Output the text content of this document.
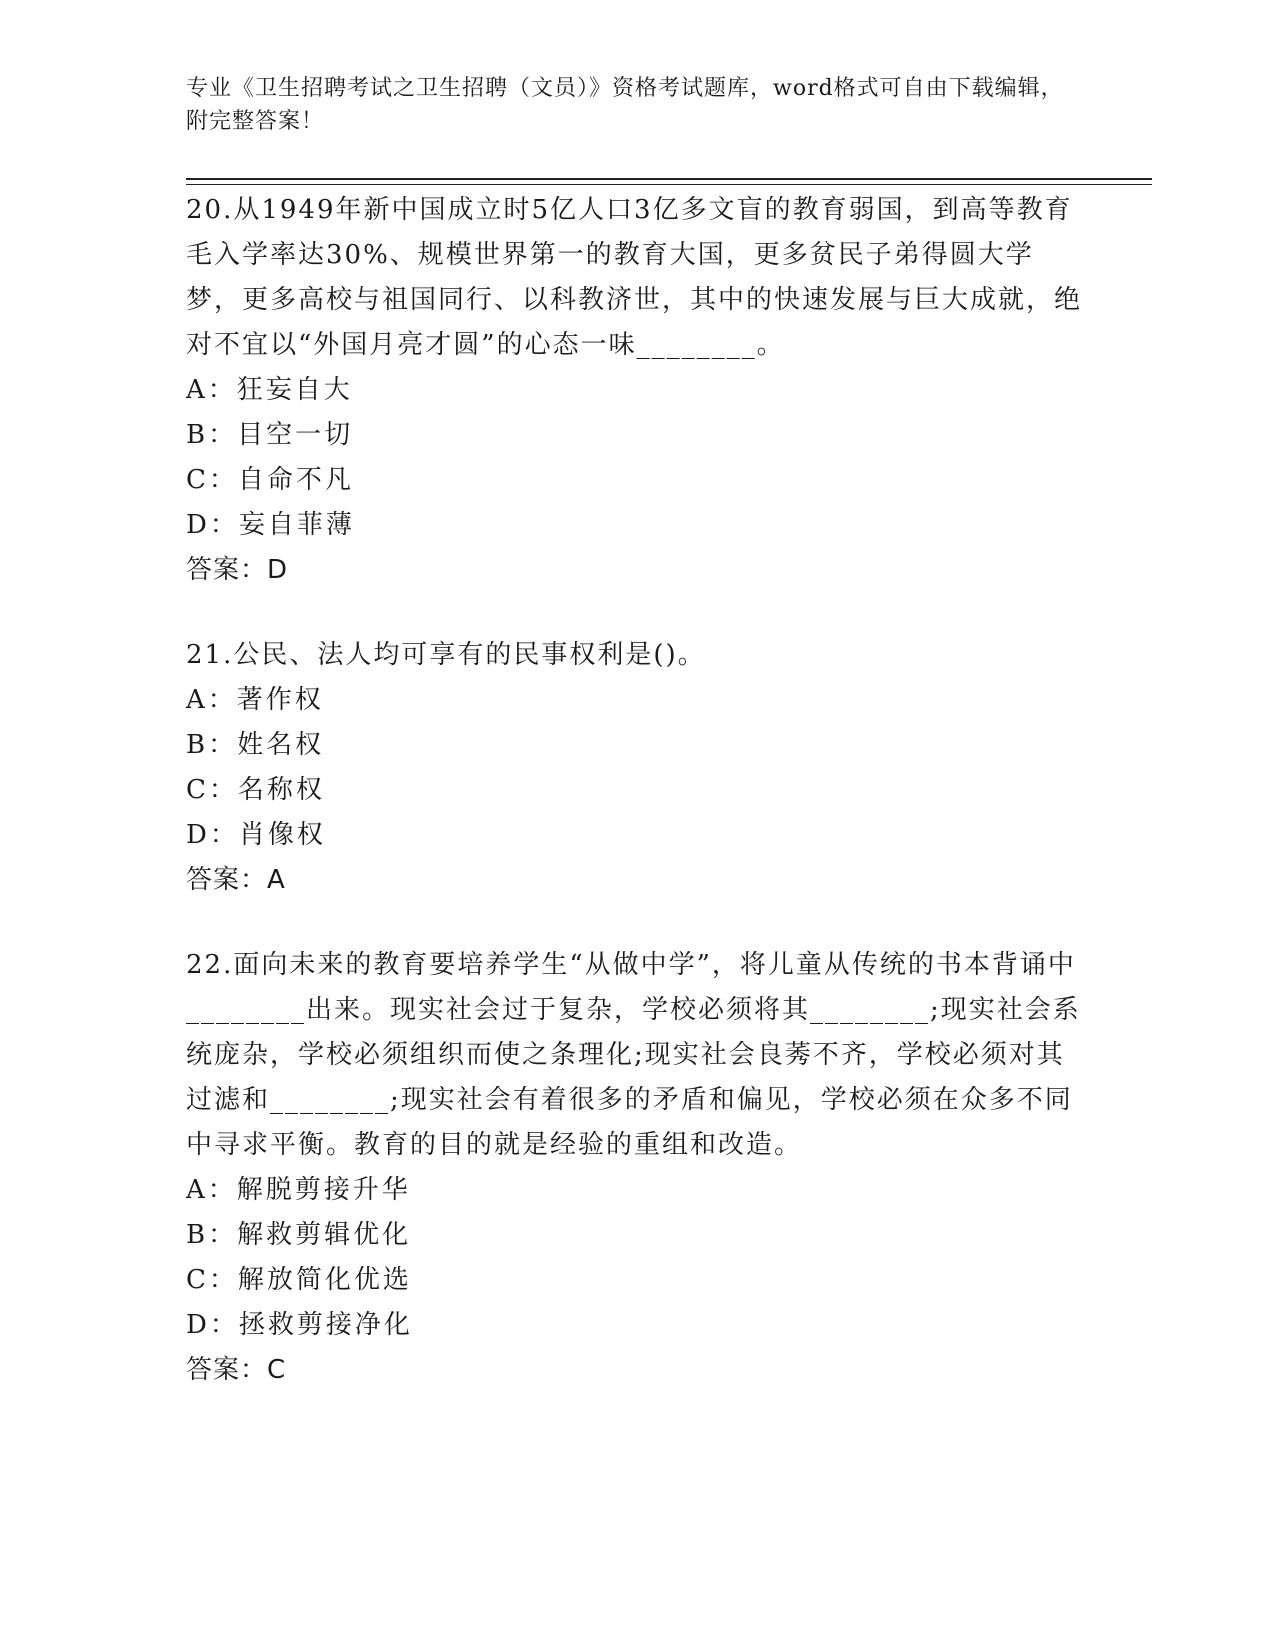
专业《卫生招聘考试之卫生招聘（文员）》资格考试题库，word格式可自由下载编辑，附完整答案！

20.从1949年新中国成立时5亿人口3亿多文盲的教育弱国，到高等教育毛入学率达30%、规模世界第一的教育大国，更多贫民子弟得圆大学梦，更多高校与祖国同行、以科教济世，其中的快速发展与巨大成就，绝对不宜以“外国月亮才圆”的心态一味________。

A：狂妄自大

B：目空一切

C：自命不凡

D：妄自菲薄

答案：D

21.公民、法人均可享有的民事权利是()。

A：著作权

B：姓名权

C：名称权

D：肖像权

答案：A

22.面向未来的教育要培养学生“从做中学”，将儿童从传统的书本背诵中________出来。现实社会过于复杂，学校必须将其________;现实社会系统庞杂，学校必须组织而使之条理化;现实社会良莠不齐，学校必须对其过滤和________;现实社会有着很多的矛盾和偏见，学校必须在众多不同中寻求平衡。教育的目的就是经验的重组和改造。

A：解脱剪接升华

B：解救剪辑优化

C：解放简化优选

D：拯救剪接净化

答案：C
